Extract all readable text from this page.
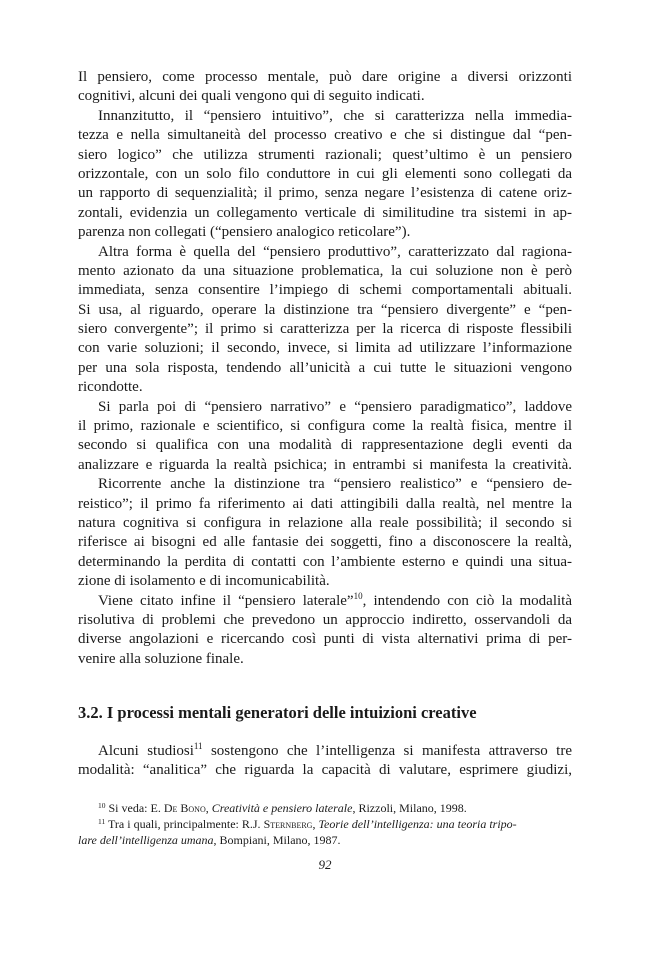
Il pensiero, come processo mentale, può dare origine a diversi orizzonti
cognitivi, alcuni dei quali vengono qui di seguito indicati.
Innanzitutto, il “pensiero intuitivo”, che si caratterizza nella immedia-
tezza e nella simultaneità del processo creativo e che si distingue dal “pen-
siero logico” che utilizza strumenti razionali; quest’ultimo è un pensiero
orizzontale, con un solo filo conduttore in cui gli elementi sono collegati da
un rapporto di sequenzialità; il primo, senza negare l’esistenza di catene oriz-
zontali, evidenzia un collegamento verticale di similitudine tra sistemi in ap-
parenza non collegati (“pensiero analogico reticolare”).
Altra forma è quella del “pensiero produttivo”, caratterizzato dal ragiona-
mento azionato da una situazione problematica, la cui soluzione non è però
immediata, senza consentire l’impiego di schemi comportamentali abituali.
Si usa, al riguardo, operare la distinzione tra “pensiero divergente” e “pen-
siero convergente”; il primo si caratterizza per la ricerca di risposte flessibili
con varie soluzioni; il secondo, invece, si limita ad utilizzare l’informazione
per una sola risposta, tendendo all’unicità a cui tutte le situazioni vengono
ricondotte.
Si parla poi di “pensiero narrativo” e “pensiero paradigmatico”, laddove
il primo, razionale e scientifico, si configura come la realtà fisica, mentre il
secondo si qualifica con una modalità di rappresentazione degli eventi da
analizzare e riguarda la realtà psichica; in entrambi si manifesta la creatività.
Ricorrente anche la distinzione tra “pensiero realistico” e “pensiero de-
reistico”; il primo fa riferimento ai dati attingibili dalla realtà, nel mentre la
natura cognitiva si configura in relazione alla reale possibilità; il secondo si
riferisce ai bisogni ed alle fantasie dei soggetti, fino a disconoscere la realtà,
determinando la perdita di contatti con l’ambiente esterno e quindi una situa-
zione di isolamento e di incomunicabilità.
Viene citato infine il “pensiero laterale”$^{10}$, intendendo con ciò la modalità
risolutiva di problemi che prevedono un approccio indiretto, osservandoli da
diverse angolazioni e ricercando così punti di vista alternativi prima di per-
venire alla soluzione finale.
3.2. I processi mentali generatori delle intuizioni creative
Alcuni studiosi$^{11}$ sostengono che l’intelligenza si manifesta attraverso tre
modalità: “analitica” che riguarda la capacità di valutare, esprimere giudizi,
$^{10}$ Si veda: E. De Bono, Creatività e pensiero laterale, Rizzoli, Milano, 1998.
$^{11}$ Tra i quali, principalmente: R.J. Sternberg, Teorie dell’intelligenza: una teoria tripo-
lare dell’intelligenza umana, Bompiani, Milano, 1987.
92
